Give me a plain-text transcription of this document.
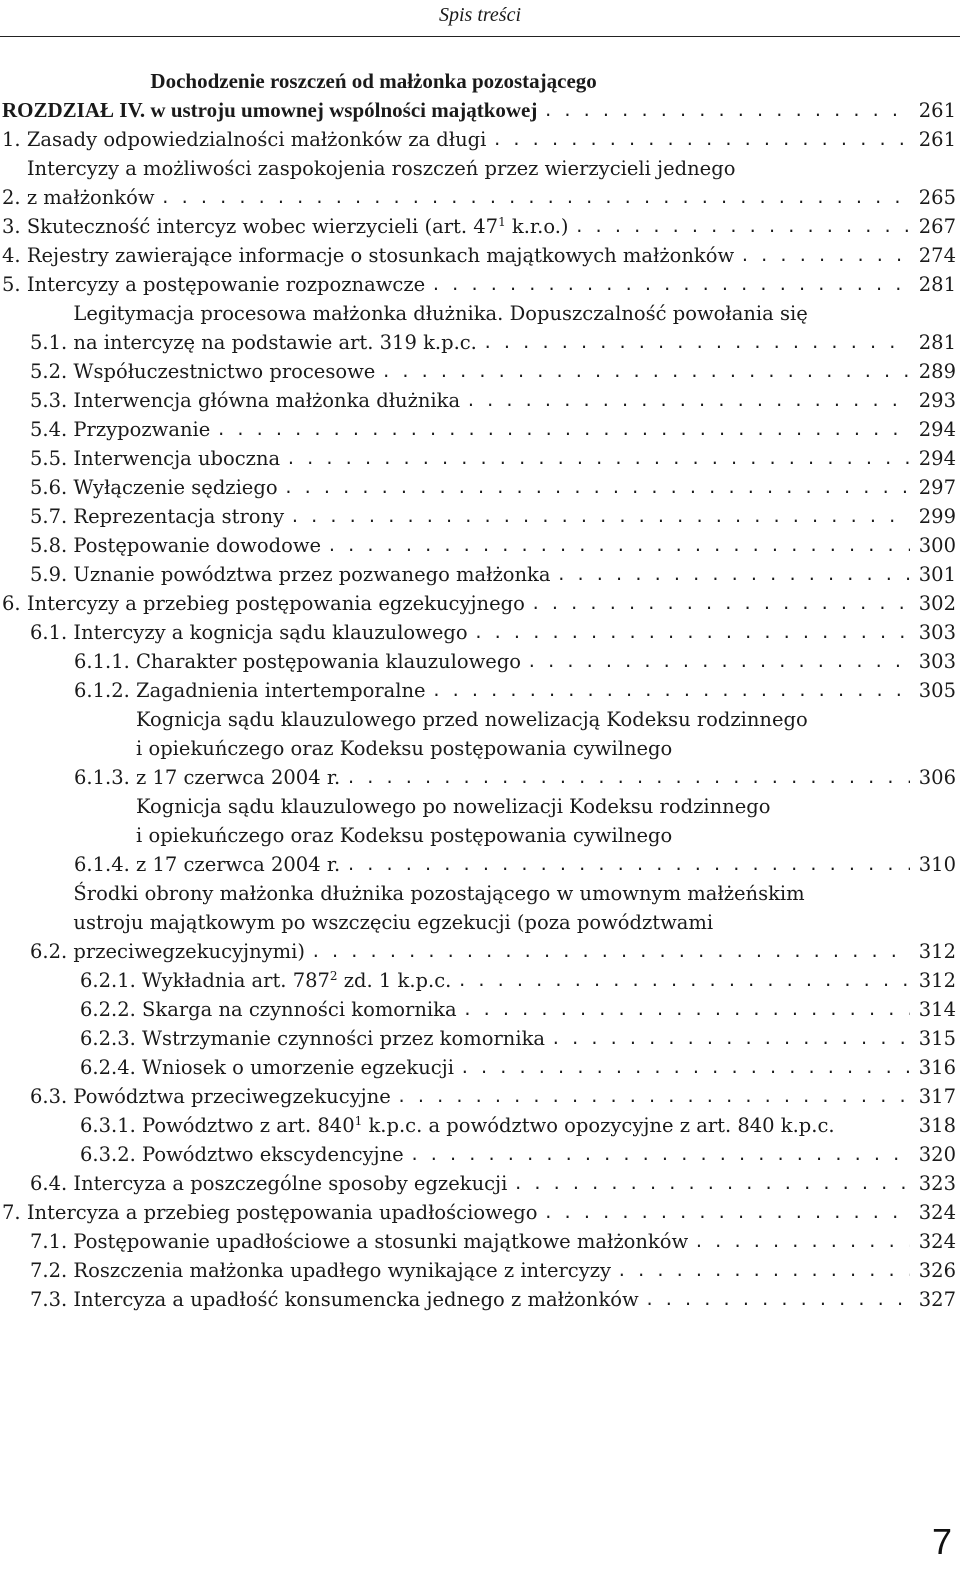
Spis treści
ROZDZIAŁ IV.
Dochodzenie roszczeń od małżonka pozostającego
w ustroju umownej wspólności majątkowej . . .	261
1. Zasady odpowiedzialności małżonków za długi . . .	261
2.
Intercyzy a możliwości zaspokojenia roszczeń przez wierzycieli jednego
z małżonków . . .	265
3. Skuteczność intercyz wobec wierzycieli (art. $47^1$ k.r.o.) . . .	267
4. Rejestry zawierające informacje o stosunkach majątkowych małżonków . . .	274
5. Intercyzy a postępowanie rozpoznawcze . . .	281
5.1.
Legitymacja procesowa małżonka dłużnika. Dopuszczalność powołania się
na intercyzę na podstawie art. 319 k.p.c. . . .	281
5.2. Współuczestnictwo procesowe . . .	289
5.3. Interwencja główna małżonka dłużnika . . .	293
5.4. Przypozwanie . . .	294
5.5. Interwencja uboczna . . .	294
5.6. Wyłączenie sędziego . . .	297
5.7. Reprezentacja strony . . .	299
5.8. Postępowanie dowodowe . . .	300
5.9. Uznanie powództwa przez pozwanego małżonka . . .	301
6. Intercyzy a przebieg postępowania egzekucyjnego . . .	302
6.1. Intercyzy a kognicja sądu klauzulowego . . .	303
6.1.1. Charakter postępowania klauzulowego . . .	303
6.1.2. Zagadnienia intertemporalne . . .	305
6.1.3.
Kognicja sądu klauzulowego przed nowelizacją Kodeksu rodzinnego
i opiekuńczego oraz Kodeksu postępowania cywilnego
z 17 czerwca 2004 r. . . .	306
6.1.4.
Kognicja sądu klauzulowego po nowelizacji Kodeksu rodzinnego
i opiekuńczego oraz Kodeksu postępowania cywilnego
z 17 czerwca 2004 r. . . .	310
6.2.
Środki obrony małżonka dłużnika pozostającego w umownym małżeńskim
ustroju majątkowym po wszczęciu egzekucji (poza powództwami
przeciwegzekucyjnymi) . . .	312
6.2.1. Wykładnia art. $787^2$ zd. 1 k.p.c. . . .	312
6.2.2. Skarga na czynności komornika . . .	314
6.2.3. Wstrzymanie czynności przez komornika . . .	315
6.2.4. Wniosek o umorzenie egzekucji . . .	316
6.3. Powództwa przeciwegzekucyjne . . .	317
6.3.1. Powództwo z art. $840^1$ k.p.c. a powództwo opozycyjne z art. 840 k.p.c.	318
6.3.2. Powództwo ekscydencyjne . . .	320
6.4. Intercyza a poszczególne sposoby egzekucji . . .	323
7. Intercyza a przebieg postępowania upadłościowego . . .	324
7.1. Postępowanie upadłościowe a stosunki majątkowe małżonków . . .	324
7.2. Roszczenia małżonka upadłego wynikające z intercyzy . . .	326
7.3. Intercyza a upadłość konsumencka jednego z małżonków . . .	327
7
